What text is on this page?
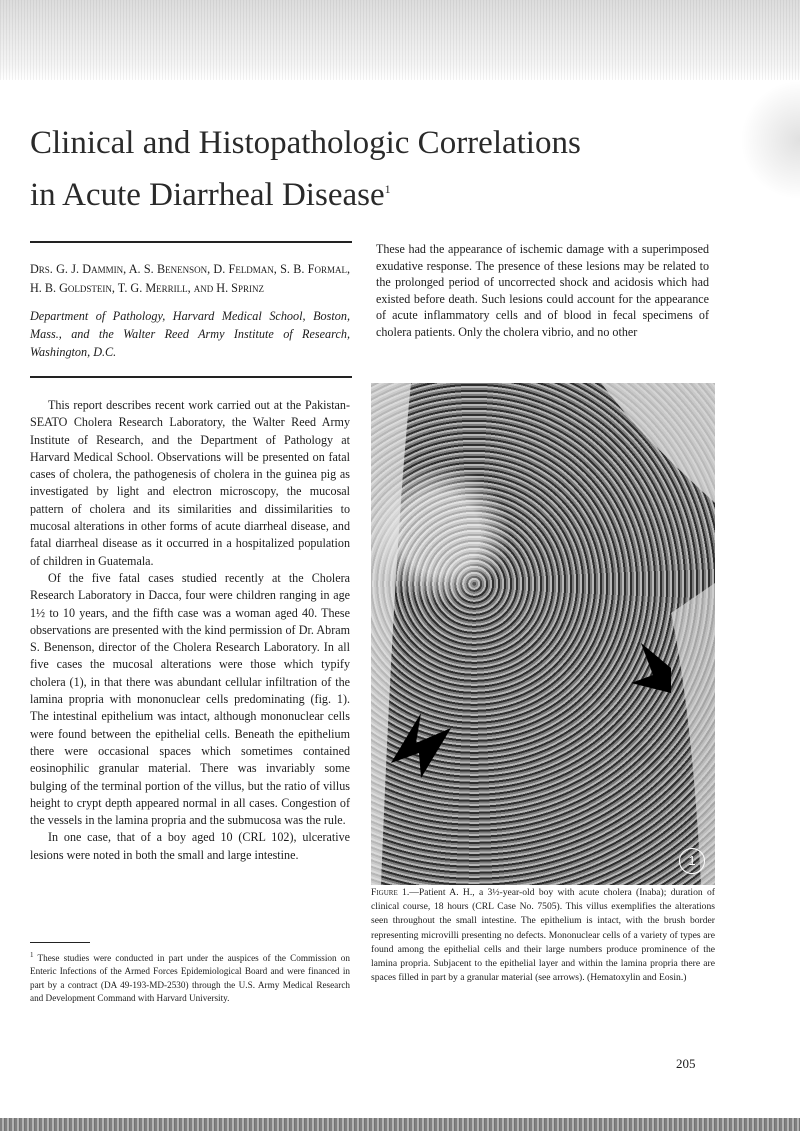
Clinical and Histopathologic Correlations
in Acute Diarrheal Disease$^1$

Drs. G. J. Dammin, A. S. Benenson, D. Feldman, S. B. Formal, H. B. Goldstein, T. G. Merrill, and H. Sprinz

Department of Pathology, Harvard Medical School, Boston, Mass., and the Walter Reed Army Institute of Research, Washington, D.C.

This report describes recent work carried out at the Pakistan-SEATO Cholera Research Laboratory, the Walter Reed Army Institute of Research, and the Department of Pathology at Harvard Medical School. Observations will be presented on fatal cases of cholera, the pathogenesis of cholera in the guinea pig as investigated by light and electron microscopy, the mucosal pattern of cholera and its similarities and dissimilarities to mucosal alterations in other forms of acute diarrheal disease, and fatal diarrheal disease as it occurred in a hospitalized population of children in Guatemala.

Of the five fatal cases studied recently at the Cholera Research Laboratory in Dacca, four were children ranging in age 1½ to 10 years, and the fifth case was a woman aged 40. These observations are presented with the kind permission of Dr. Abram S. Benenson, director of the Cholera Research Laboratory. In all five cases the mucosal alterations were those which typify cholera (1), in that there was abundant cellular infiltration of the lamina propria with mononuclear cells predominating (fig. 1). The intestinal epithelium was intact, although mononuclear cells were found between the epithelial cells. Beneath the epithelium there were occasional spaces which sometimes contained eosinophilic granular material. There was invariably some bulging of the terminal portion of the villus, but the ratio of villus height to crypt depth appeared normal in all cases. Congestion of the vessels in the lamina propria and the submucosa was the rule.

In one case, that of a boy aged 10 (CRL 102), ulcerative lesions were noted in both the small and large intestine.

$^1$ These studies were conducted in part under the auspices of the Commission on Enteric Infections of the Armed Forces Epidemiological Board and were financed in part by a contract (DA 49-193-MD-2530) through the U.S. Army Medical Research and Development Command with Harvard University.

These had the appearance of ischemic damage with a superimposed exudative response. The presence of these lesions may be related to the prolonged period of uncorrected shock and acidosis which had existed before death. Such lesions could account for the appearance of acute inflammatory cells and of blood in fecal specimens of cholera patients. Only the cholera vibrio, and no other

1

Figure 1.—Patient A. H., a 3½-year-old boy with acute cholera (Inaba); duration of clinical course, 18 hours (CRL Case No. 7505). This villus exemplifies the alterations seen throughout the small intestine. The epithelium is intact, with the brush border representing microvilli presenting no defects. Mononuclear cells of a variety of types are found among the epithelial cells and their large numbers produce prominence of the lamina propria. Subjacent to the epithelial layer and within the lamina propria there are spaces filled in part by a granular material (see arrows). (Hematoxylin and Eosin.)

205
